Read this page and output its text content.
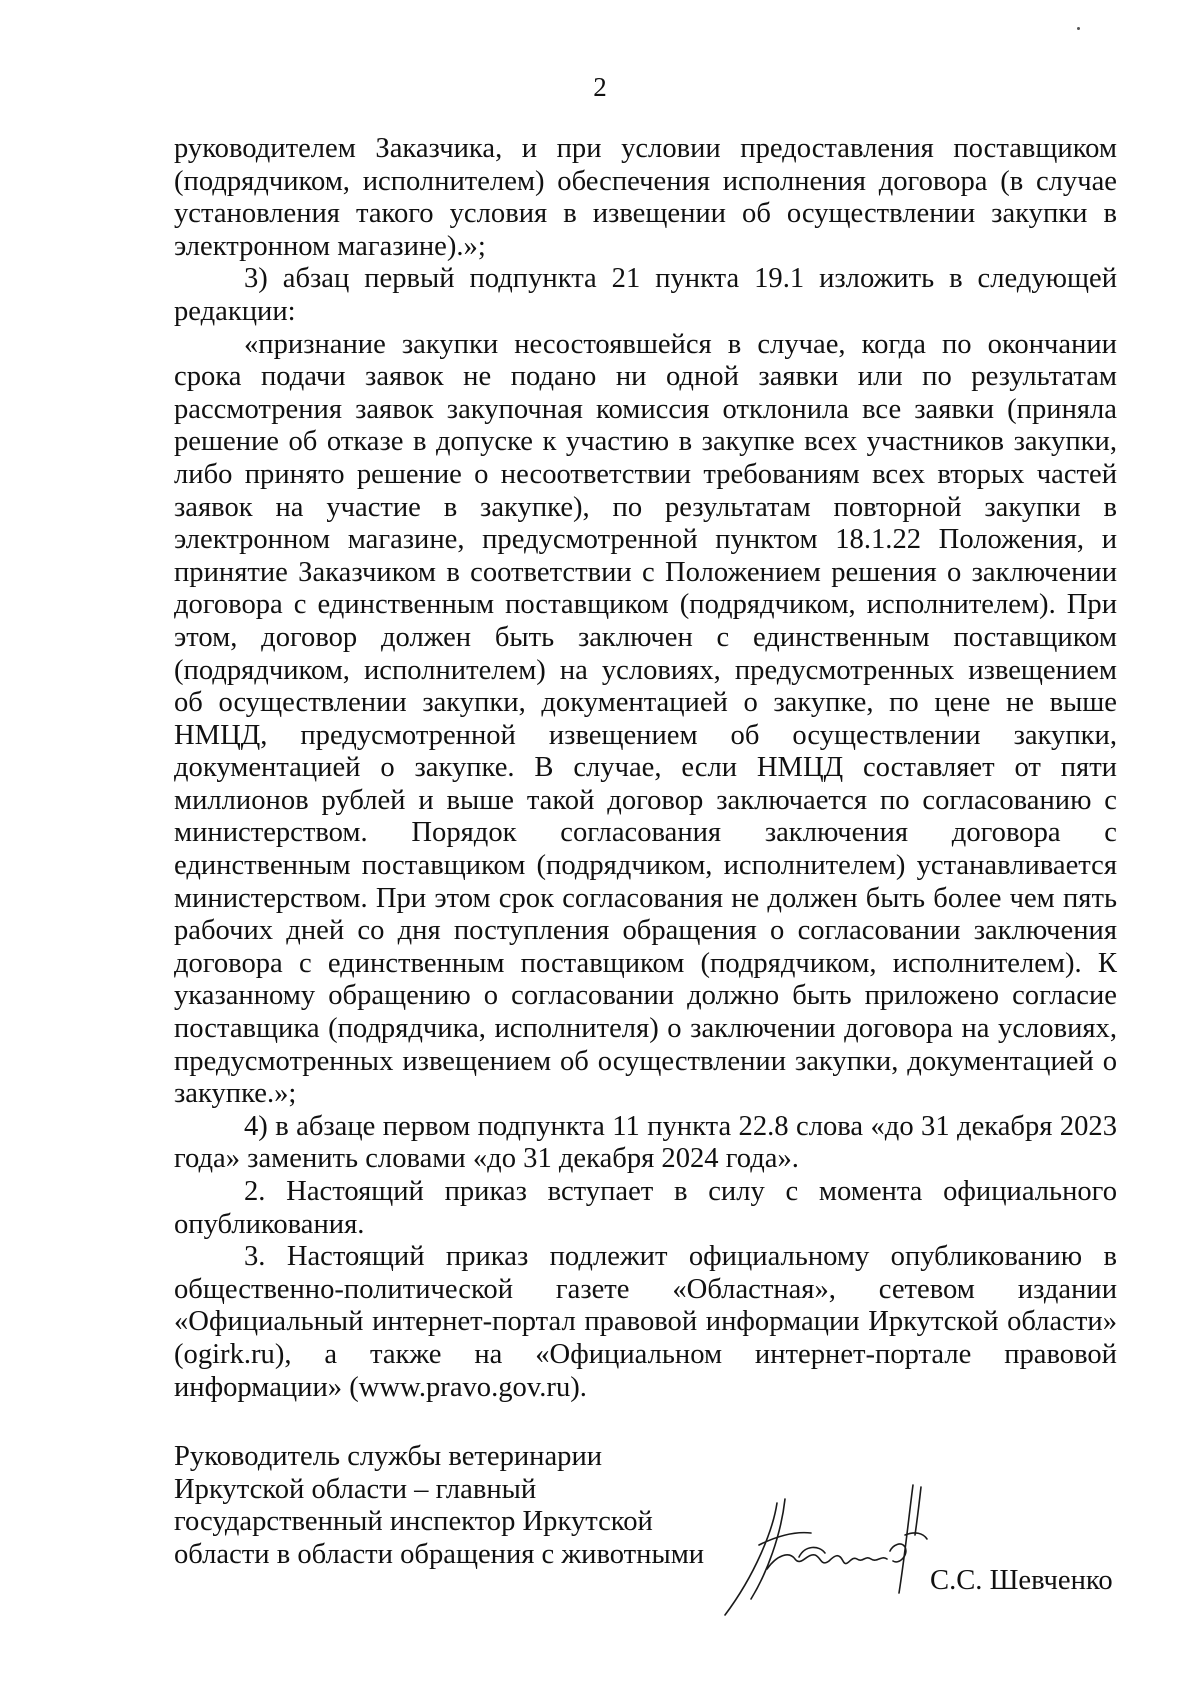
2

руководителем Заказчика, и при условии предоставления поставщиком (подрядчиком, исполнителем) обеспечения исполнения договора (в случае установления такого условия в извещении об осуществлении закупки в электронном магазине).»;

3) абзац первый подпункта 21 пункта 19.1 изложить в следующей редакции:

«признание закупки несостоявшейся в случае, когда по окончании срока подачи заявок не подано ни одной заявки или по результатам рассмотрения заявок закупочная комиссия отклонила все заявки (приняла решение об отказе в допуске к участию в закупке всех участников закупки, либо принято решение о несоответствии требованиям всех вторых частей заявок на участие в закупке), по результатам повторной закупки в электронном магазине, предусмотренной пунктом 18.1.22 Положения, и принятие Заказчиком в соответствии с Положением решения о заключении договора с единственным поставщиком (подрядчиком, исполнителем). При этом, договор должен быть заключен с единственным поставщиком (подрядчиком, исполнителем) на условиях, предусмотренных извещением об осуществлении закупки, документацией о закупке, по цене не выше НМЦД, предусмотренной извещением об осуществлении закупки, документацией о закупке. В случае, если НМЦД составляет от пяти миллионов рублей и выше такой договор заключается по согласованию с министерством. Порядок согласования заключения договора с единственным поставщиком (подрядчиком, исполнителем) устанавливается министерством. При этом срок согласования не должен быть более чем пять рабочих дней со дня поступления обращения о согласовании заключения договора с единственным поставщиком (подрядчиком, исполнителем). К указанному обращению о согласовании должно быть приложено согласие поставщика (подрядчика, исполнителя) о заключении договора на условиях, предусмотренных извещением об осуществлении закупки, документацией о закупке.»;

4) в абзаце первом подпункта 11 пункта 22.8 слова «до 31 декабря 2023 года» заменить словами «до 31 декабря 2024 года».

2. Настоящий приказ вступает в силу с момента официального опубликования.

3. Настоящий приказ подлежит официальному опубликованию в общественно-политической газете «Областная», сетевом издании «Официальный интернет-портал правовой информации Иркутской области» (ogirk.ru), а также на «Официальном интернет-портале правовой информации» (www.pravo.gov.ru).

Руководитель службы ветеринарии
Иркутской области – главный
государственный инспектор Иркутской
области в области обращения с животными
С.С. Шевченко
